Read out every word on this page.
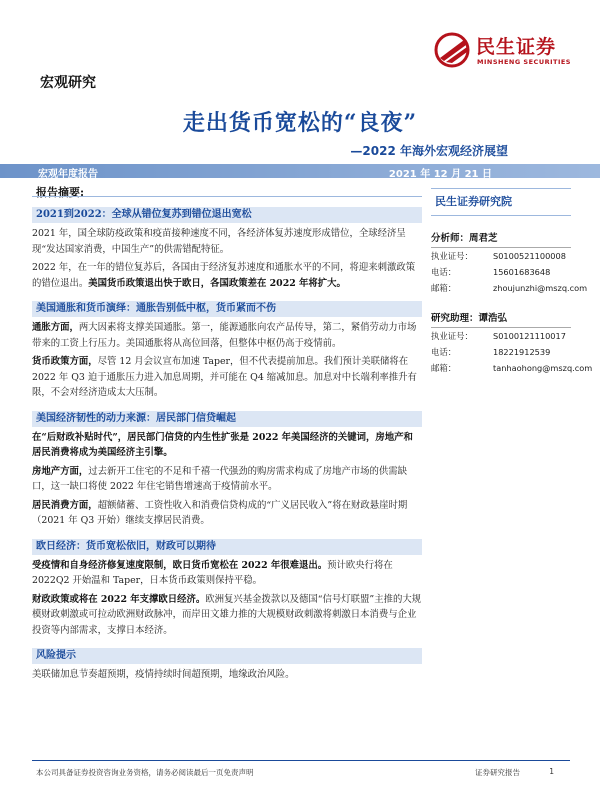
民生证券
MINSHENG SECURITIES
宏观研究
走出货币宽松的“良夜”
—2022 年海外宏观经济展望
宏观年度报告	2021 年 12 月 21 日
报告摘要:
2021到2022：全球从错位复苏到错位退出宽松

2021 年，国全球防疫政策和疫苗接种速度不同，各经济体复苏速度形成错位，全球经济呈现“发达国家消费，中国生产”的供需错配特征。

2022 年，在一年的错位复苏后，各国由于经济复苏速度和通胀水平的不同，将迎来刺激政策的错位退出。美国货币政策退出快于欧日，各国政策差在 2022 年将扩大。

美国通胀和货币演绎：通胀告别低中枢，货币紧而不伤

通胀方面，两大因素将支撑美国通胀。第一，能源通胀向农产品传导，第二，紧俏劳动力市场带来的工资上行压力。美国通胀将从高位回落，但整体中枢仍高于疫情前。

货币政策方面，尽管 12 月会议宣布加速 Taper，但不代表提前加息。我们预计美联储将在 2022 年 Q3 迫于通胀压力进入加息周期，并可能在 Q4 缩减加息。加息对中长端利率推升有限，不会对经济造成太大压制。

美国经济韧性的动力来源：居民部门信贷崛起

在“后财政补贴时代”，居民部门信贷的内生性扩张是 2022 年美国经济的关键词，房地产和居民消费将成为美国经济主引擎。

房地产方面，过去新开工住宅的不足和千禧一代强劲的购房需求构成了房地产市场的供需缺口，这一缺口将使 2022 年住宅销售增速高于疫情前水平。

居民消费方面，超额储蓄、工资性收入和消费信贷构成的“广义居民收入”将在财政悬崖时期（2021 年 Q3 开始）继续支撑居民消费。

欧日经济：货币宽松依旧，财政可以期待

受疫情和自身经济修复速度限制，欧日货币宽松在 2022 年很难退出。预计欧央行将在 2022Q2 开始温和 Taper，日本货币政策则保持平稳。

财政政策或将在 2022 年支撑欧日经济。欧洲复兴基金拨款以及德国“信号灯联盟”主推的大规模财政刺激或可拉动欧洲财政脉冲，而岸田文雄力推的大规模财政刺激将刺激日本消费与企业投资等内部需求，支撑日本经济。

风险提示

美联储加息节奏超预期，疫情持续时间超预期，地缘政治风险。

民生证券研究院
分析师：周君芝
执业证号：	S0100521100008
电话：	15601683648
邮箱：	zhoujunzhi@mszq.com
研究助理：谭浩弘
执业证号：	S0100121110017
电话：	18221912539
邮箱：	tanhaohong@mszq.com
本公司具备证券投资咨询业务资格，请务必阅读最后一页免责声明	证券研究报告	1
